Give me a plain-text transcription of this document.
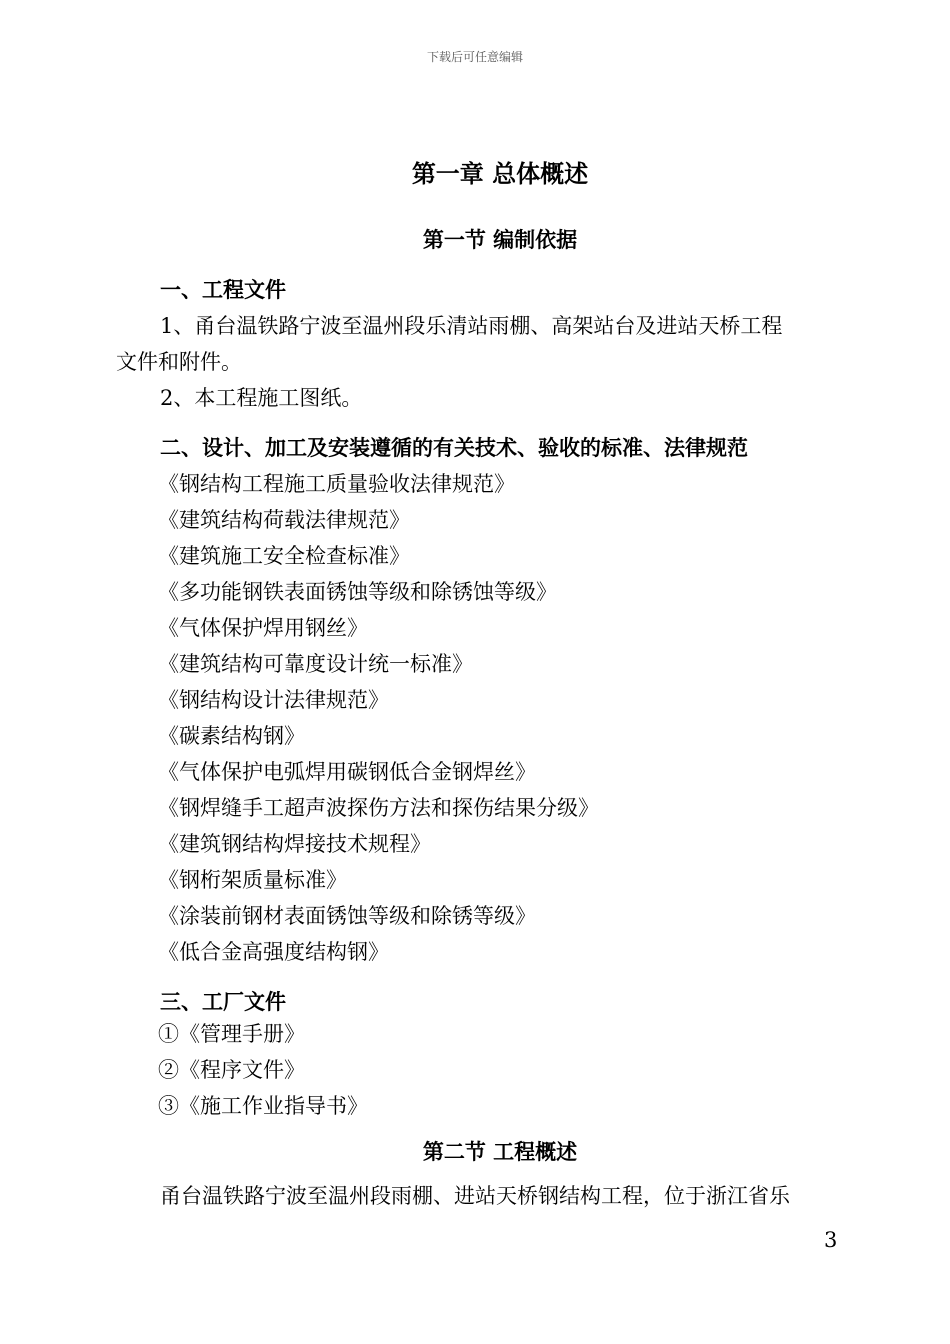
下载后可任意编辑
第一章 总体概述
第一节 编制依据
一、工程文件
1、甬台温铁路宁波至温州段乐清站雨棚、高架站台及进站天桥工程
文件和附件。
2、本工程施工图纸。
二、设计、加工及安装遵循的有关技术、验收的标准、法律规范
《钢结构工程施工质量验收法律规范》
《建筑结构荷载法律规范》
《建筑施工安全检查标准》
《多功能钢铁表面锈蚀等级和除锈蚀等级》
《气体保护焊用钢丝》
《建筑结构可靠度设计统一标准》
《钢结构设计法律规范》
《碳素结构钢》
《气体保护电弧焊用碳钢低合金钢焊丝》
《钢焊缝手工超声波探伤方法和探伤结果分级》
《建筑钢结构焊接技术规程》
《钢桁架质量标准》
《涂装前钢材表面锈蚀等级和除锈等级》
《低合金高强度结构钢》
三、工厂文件
①《管理手册》
②《程序文件》
③《施工作业指导书》
第二节 工程概述
甬台温铁路宁波至温州段雨棚、进站天桥钢结构工程，位于浙江省乐
3
